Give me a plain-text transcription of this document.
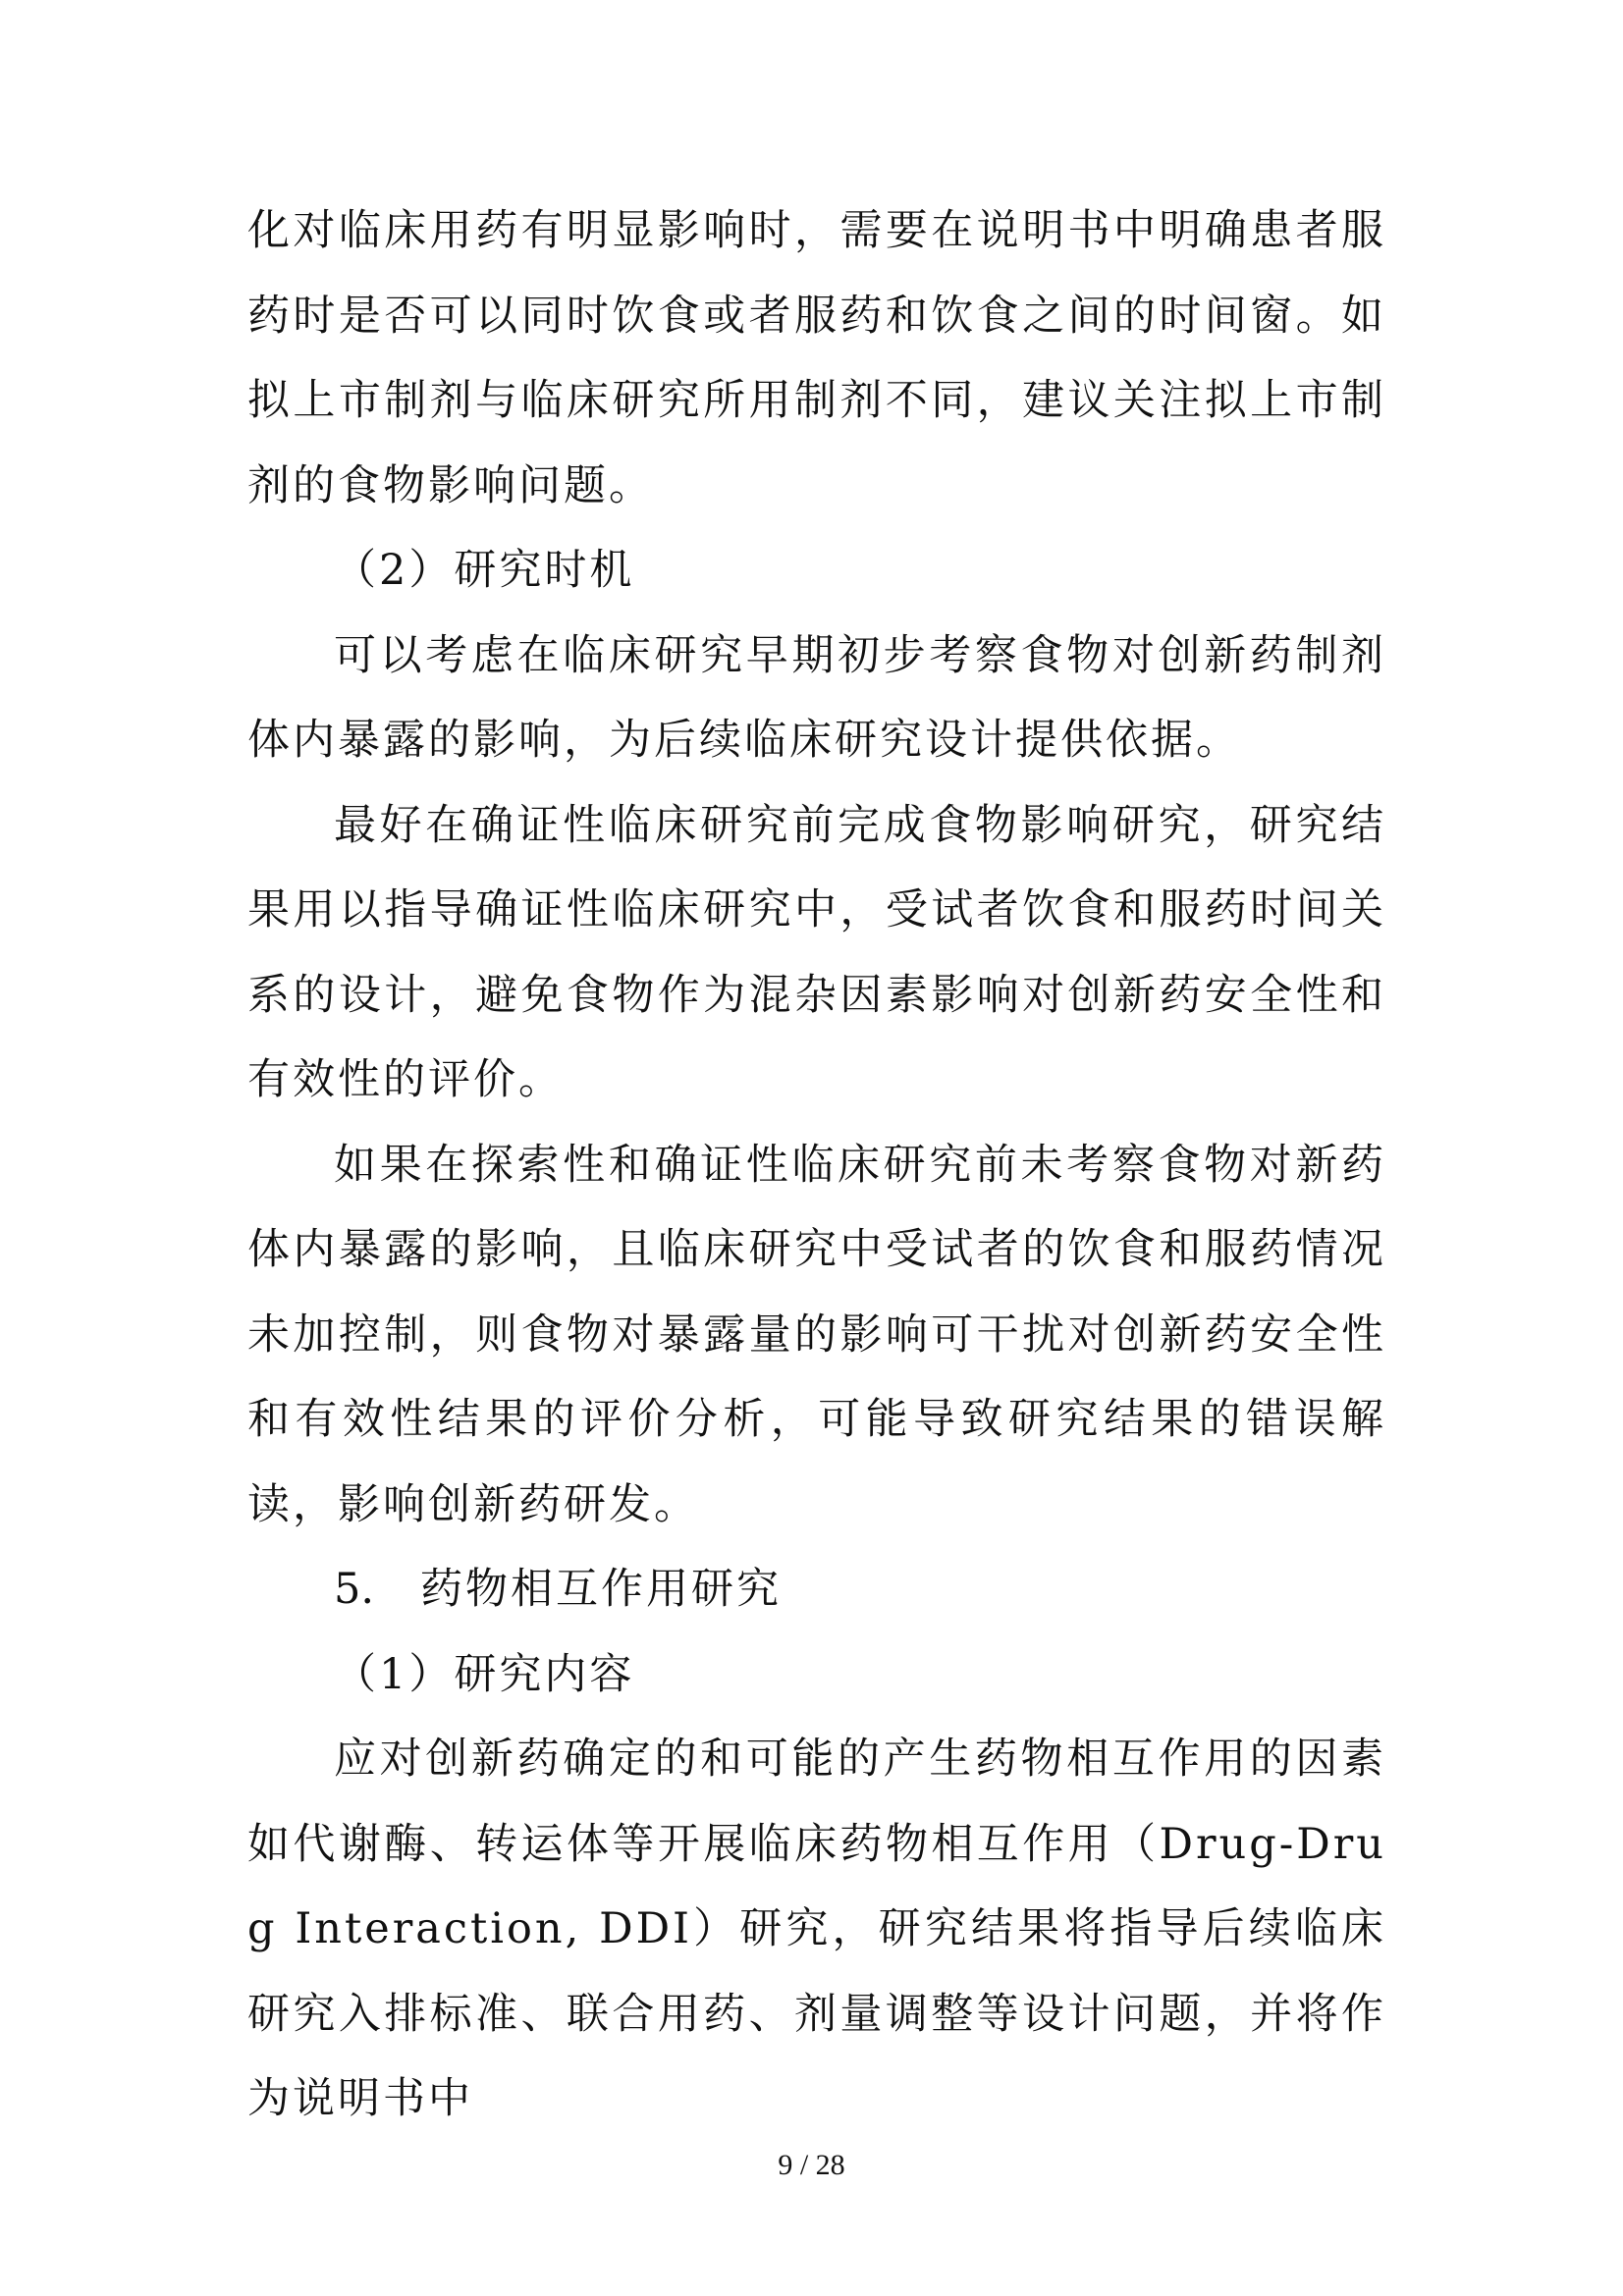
化对临床用药有明显影响时，需要在说明书中明确患者服药时是否可以同时饮食或者服药和饮食之间的时间窗。如拟上市制剂与临床研究所用制剂不同，建议关注拟上市制剂的食物影响问题。

（2）研究时机

可以考虑在临床研究早期初步考察食物对创新药制剂体内暴露的影响，为后续临床研究设计提供依据。

最好在确证性临床研究前完成食物影响研究，研究结果用以指导确证性临床研究中，受试者饮食和服药时间关系的设计，避免食物作为混杂因素影响对创新药安全性和有效性的评价。

如果在探索性和确证性临床研究前未考察食物对新药体内暴露的影响，且临床研究中受试者的饮食和服药情况未加控制，则食物对暴露量的影响可干扰对创新药安全性和有效性结果的评价分析，可能导致研究结果的错误解读，影响创新药研发。

5. 药物相互作用研究

（1）研究内容

应对创新药确定的和可能的产生药物相互作用的因素如代谢酶、转运体等开展临床药物相互作用（Drug-Drug Interaction, DDI）研究，研究结果将指导后续临床研究入排标准、联合用药、剂量调整等设计问题，并将作为说明书中

9 / 28
